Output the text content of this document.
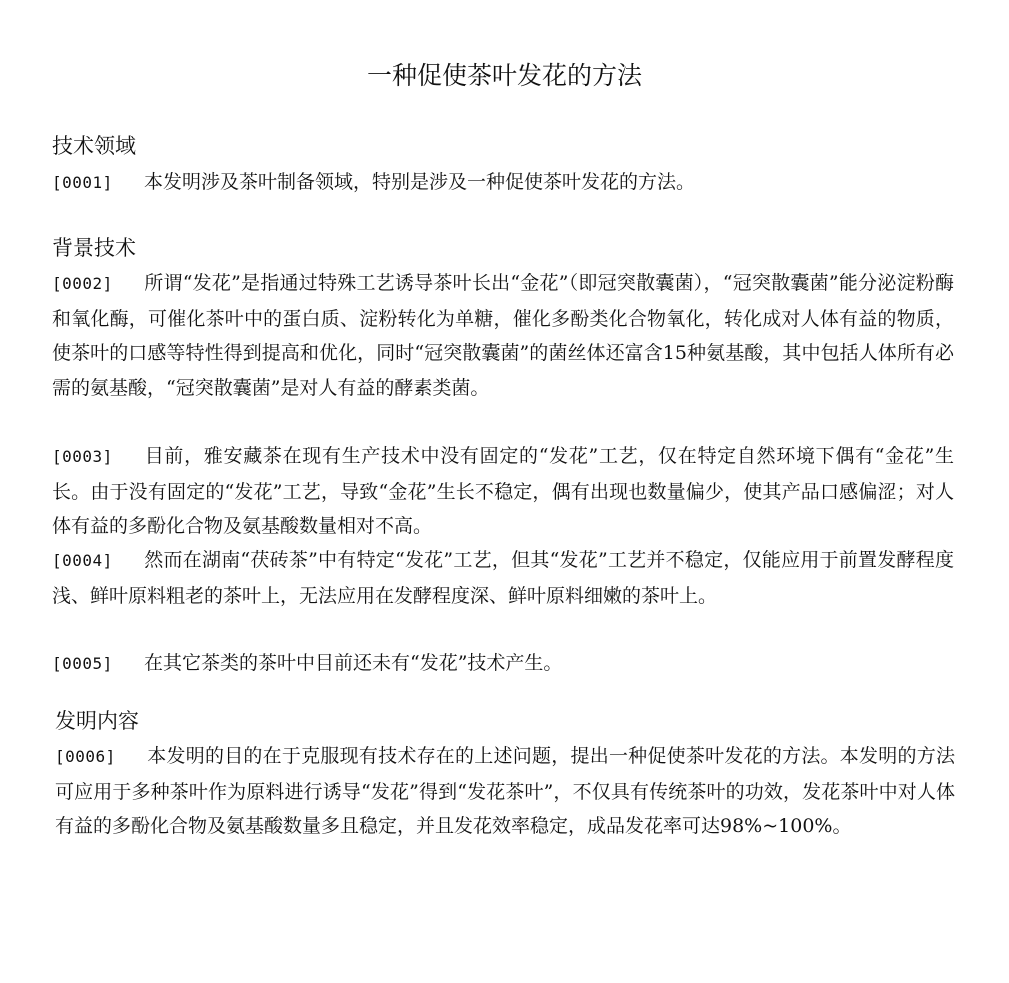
一种促使茶叶发花的方法
技术领域
[0001] 本发明涉及茶叶制备领域，特别是涉及一种促使茶叶发花的方法。
背景技术
[0002] 所谓“发花”是指通过特殊工艺诱导茶叶长出“金花”（即冠突散囊菌），“冠突散囊菌”能分泌淀粉酶和氧化酶，可催化茶叶中的蛋白质、淀粉转化为单糖，催化多酚类化合物氧化，转化成对人体有益的物质，使茶叶的口感等特性得到提高和优化，同时“冠突散囊菌”的菌丝体还富含15种氨基酸，其中包括人体所有必需的氨基酸，“冠突散囊菌”是对人有益的酵素类菌。
[0003] 目前，雅安藏茶在现有生产技术中没有固定的“发花”工艺，仅在特定自然环境下偶有“金花”生长。由于没有固定的“发花”工艺，导致“金花”生长不稳定，偶有出现也数量偏少，使其产品口感偏涩；对人体有益的多酚化合物及氨基酸数量相对不高。
[0004] 然而在湖南“茯砖茶”中有特定“发花”工艺，但其“发花”工艺并不稳定，仅能应用于前置发酵程度浅、鲜叶原料粗老的茶叶上，无法应用在发酵程度深、鲜叶原料细嫩的茶叶上。
[0005] 在其它茶类的茶叶中目前还未有“发花”技术产生。
发明内容
[0006] 本发明的目的在于克服现有技术存在的上述问题，提出一种促使茶叶发花的方法。本发明的方法可应用于多种茶叶作为原料进行诱导“发花”得到“发花茶叶”，不仅具有传统茶叶的功效，发花茶叶中对人体有益的多酚化合物及氨基酸数量多且稳定，并且发花效率稳定，成品发花率可达98%~100%。
